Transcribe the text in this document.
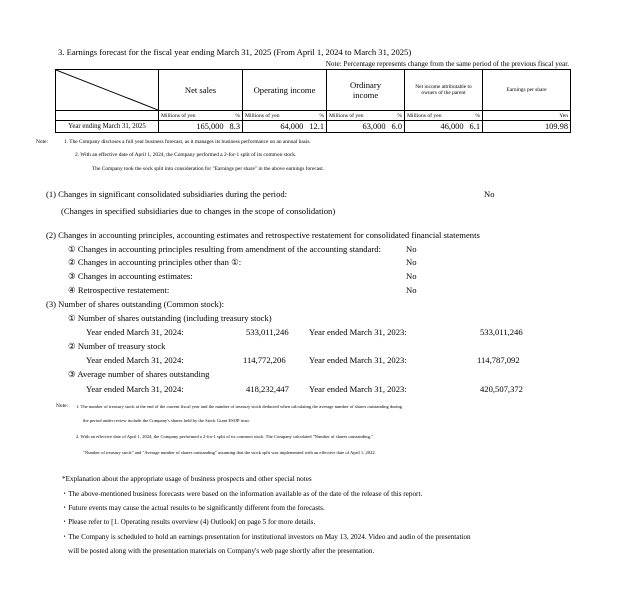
3. Earnings forecast for the fiscal year ending March 31, 2025 (From April 1, 2024 to March 31, 2025)
Note: Percentage represents change from the same period of the previous fiscal year.
	Net sales	Operating income	Ordinary income	Net income attributable to owners of the parent	Earnings per share

	Millions of yen %	Millions of yen %	Millions of yen %	Millions of yen %	Yen
Year ending March 31, 2025	165,000 8.3	64,000 12.1	63,000 6.0	46,000 6.1	109.98
Note:	1. The Company discloses a full year business forecast, as it manages its business performance on an annual basis.
2. With an effective date of April 1, 2024, the Company performed a 2-for-1 split of its common stock.
The Company took the sock split into consideration for "Earnings per share" in the above earnings forecast.
(1) Changes in significant consolidated subsidiaries during the period:	No
(Changes in specified subsidiaries due to changes in the scope of consolidation)
(2) Changes in accounting principles, accounting estimates and retrospective restatement for consolidated financial statements
① Changes in accounting principles resulting from amendment of the accounting standard:	No
② Changes in accounting principles other than ①:	No
③ Changes in accounting estimates:	No
④ Retrospective restatement:	No
(3) Number of shares outstanding (Common stock):
① Number of shares outstanding (including treasury stock)
Year ended March 31, 2024:	533,011,246 Year ended March 31, 2023:	533,011,246
② Number of treasury stock
Year ended March 31, 2024:	114,772,206	Year ended March 31, 2023:	114,787,092
③ Average number of shares outstanding
Year ended March 31, 2024:	418,232,447 Year ended March 31, 2023:	420,507,372
Note: 1. The number of treasury stock at the end of the current fiscal year and the number of treasury stock deducted when calculating the average number of shares outstanding during
the period under review include the Company's shares held by the Stock Grant ESOP trust.
2. With an effective date of April 1, 2024, the Company performed a 2-for-1 split of its common stock. The Company calculated "Number of shares outstanding,"
"Number of treasury stock" and "Average number of shares outstanding" assuming that the stock split was implemented with an effective date of April 1, 2022.
*Explanation about the appropriate usage of business prospects and other special notes
・The above-mentioned business forecasts were based on the information available as of the date of the release of this report.
・Future events may cause the actual results to be significantly different from the forecasts.
・Please refer to [1. Operating results overview (4) Outlook] on page 5 for more details.
・The Company is scheduled to hold an earnings presentation for institutional investors on May 13, 2024. Video and audio of the presentation
will be posted along with the presentation materials on Company's web page shortly after the presentation.
